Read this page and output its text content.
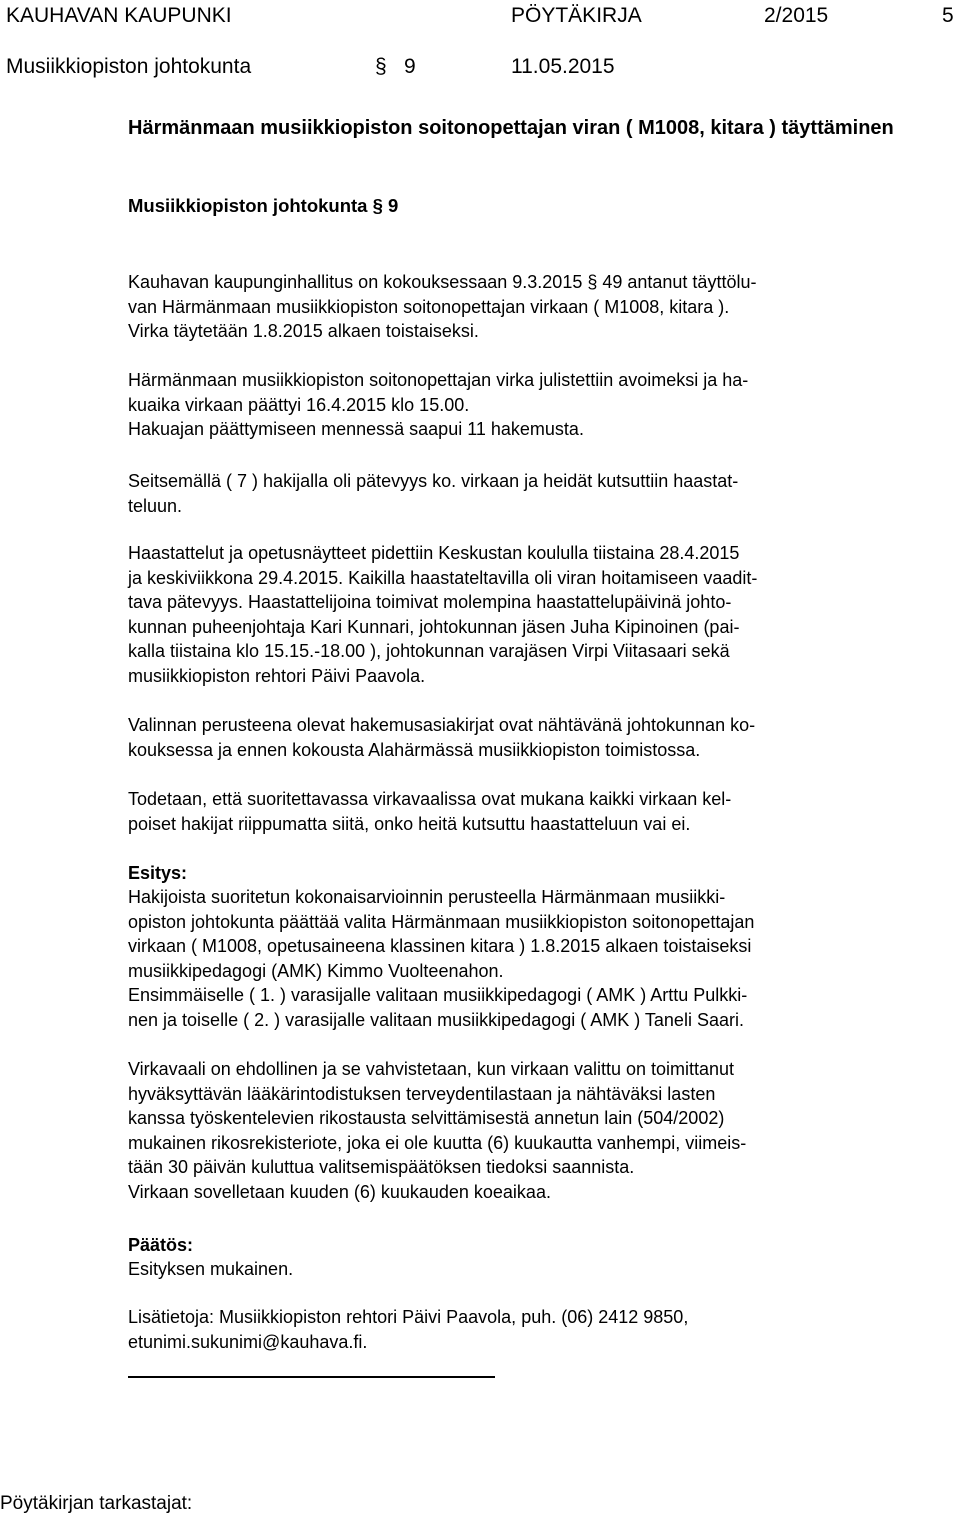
KAUHAVAN KAUPUNKI	PÖYTÄKIRJA	2/2015	5
Musiikkiopiston johtokunta	§ 9	11.05.2015
Härmänmaan musiikkiopiston soitonopettajan viran ( M1008, kitara ) täyttäminen
Musiikkiopiston johtokunta § 9
Kauhavan kaupunginhallitus on kokouksessaan 9.3.2015 § 49 antanut täyttölu-
van Härmänmaan musiikkiopiston soitonopettajan virkaan ( M1008, kitara ).
Virka täytetään 1.8.2015 alkaen toistaiseksi.
Härmänmaan musiikkiopiston soitonopettajan virka julistettiin avoimeksi ja ha-
kuaika virkaan päättyi 16.4.2015 klo 15.00.
Hakuajan päättymiseen mennessä saapui 11 hakemusta.
Seitsemällä ( 7 ) hakijalla oli pätevyys ko. virkaan ja heidät kutsuttiin haastat-
teluun.
Haastattelut ja opetusnäytteet pidettiin Keskustan koululla tiistaina 28.4.2015
ja keskiviikkona 29.4.2015. Kaikilla haastateltavilla oli viran hoitamiseen vaadit-
tava pätevyys. Haastattelijoina toimivat molempina haastattelupäivinä johto-
kunnan puheenjohtaja Kari Kunnari, johtokunnan jäsen Juha Kipinoinen (pai-
kalla tiistaina klo 15.15.-18.00 ), johtokunnan varajäsen Virpi Viitasaari sekä
musiikkiopiston rehtori Päivi Paavola.
Valinnan perusteena olevat hakemusasiakirjat ovat nähtävänä johtokunnan ko-
kouksessa ja ennen kokousta Alahärmässä musiikkiopiston toimistossa.
Todetaan, että suoritettavassa virkavaalissa ovat mukana kaikki virkaan kel-
poiset hakijat riippumatta siitä, onko heitä kutsuttu haastatteluun vai ei.
Esitys:
Hakijoista suoritetun kokonaisarvioinnin perusteella Härmänmaan musiikki-
opiston johtokunta päättää valita Härmänmaan musiikkiopiston soitonopettajan
virkaan ( M1008, opetusaineena klassinen kitara ) 1.8.2015 alkaen toistaiseksi
musiikkipedagogi (AMK) Kimmo Vuolteenahon.
Ensimmäiselle ( 1. ) varasijalle valitaan musiikkipedagogi ( AMK ) Arttu Pulkki-
nen ja toiselle ( 2. ) varasijalle valitaan musiikkipedagogi ( AMK ) Taneli Saari.
Virkavaali on ehdollinen ja se vahvistetaan, kun virkaan valittu on toimittanut
hyväksyttävän lääkärintodistuksen terveydentilastaan ja nähtäväksi lasten
kanssa työskentelevien rikostausta selvittämisestä annetun lain (504/2002)
mukainen rikosrekisteriote, joka ei ole kuutta (6) kuukautta vanhempi, viimeis-
tään 30 päivän kuluttua valitsemispäätöksen tiedoksi saannista.
Virkaan sovelletaan kuuden (6) kuukauden koeaikaa.
Päätös:
Esityksen mukainen.
Lisätietoja: Musiikkiopiston rehtori Päivi Paavola, puh. (06) 2412 9850,
etunimi.sukunimi@kauhava.fi.
Pöytäkirjan tarkastajat:
